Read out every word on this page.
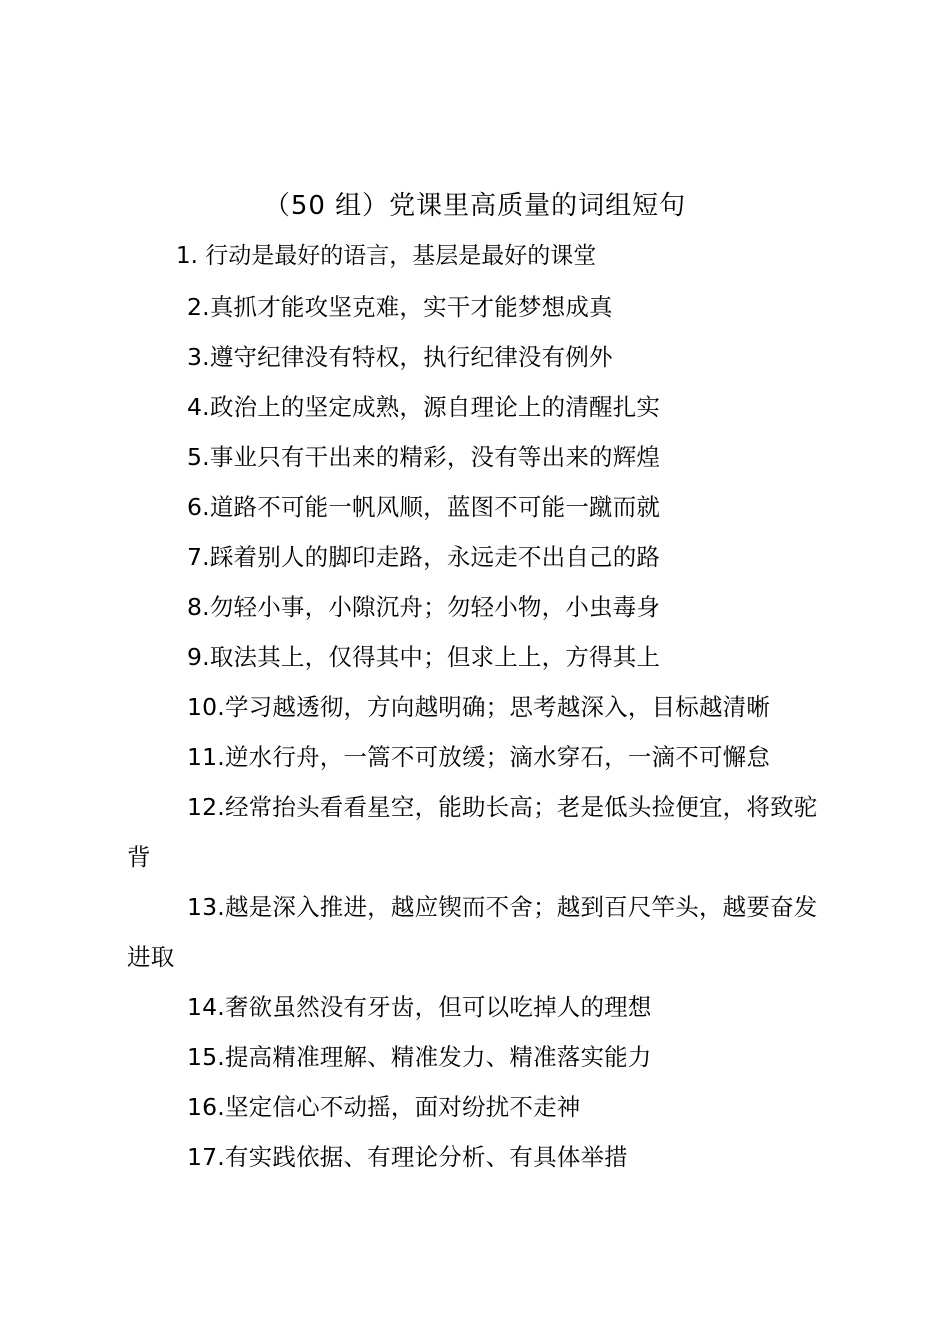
（50 组）党课里高质量的词组短句
1. 行动是最好的语言，基层是最好的课堂

2.真抓才能攻坚克难，实干才能梦想成真

3.遵守纪律没有特权，执行纪律没有例外

4.政治上的坚定成熟，源自理论上的清醒扎实

5.事业只有干出来的精彩，没有等出来的辉煌

6.道路不可能一帆风顺，蓝图不可能一蹴而就

7.踩着别人的脚印走路，永远走不出自己的路

8.勿轻小事，小隙沉舟；勿轻小物，小虫毒身

9.取法其上，仅得其中；但求上上，方得其上

10.学习越透彻，方向越明确；思考越深入，目标越清晰

11.逆水行舟，一篙不可放缓；滴水穿石，一滴不可懈怠

12.经常抬头看看星空，能助长高；老是低头捡便宜，将致驼背

13.越是深入推进，越应锲而不舍；越到百尺竿头，越要奋发进取

14.奢欲虽然没有牙齿，但可以吃掉人的理想

15.提高精准理解、精准发力、精准落实能力

16.坚定信心不动摇，面对纷扰不走神

17.有实践依据、有理论分析、有具体举措
